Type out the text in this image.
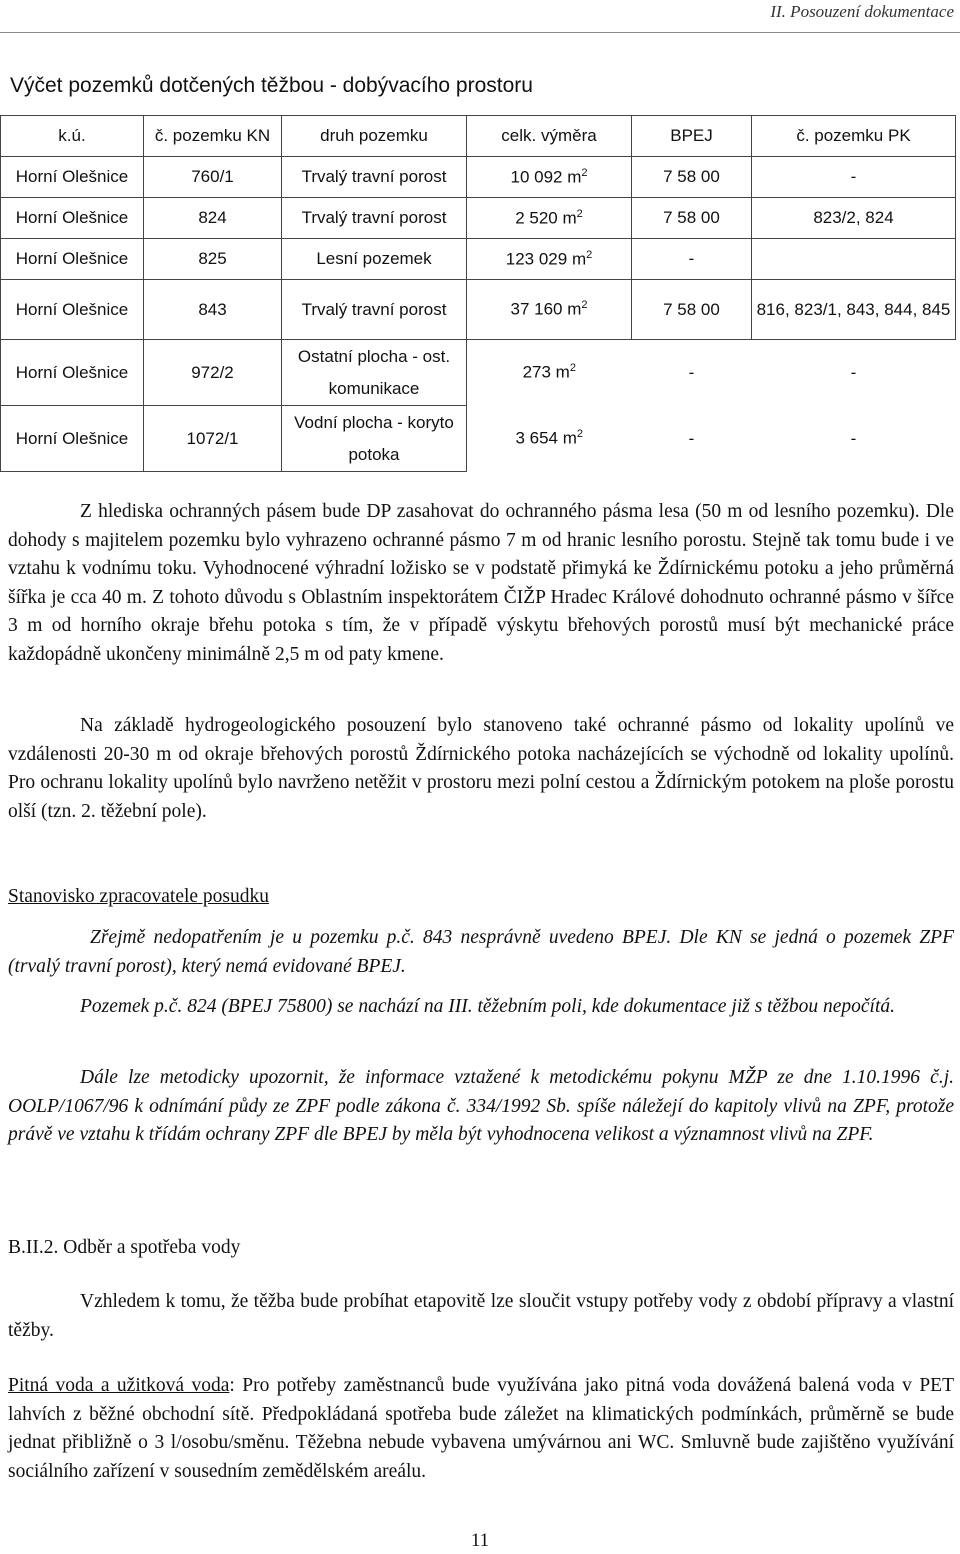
II. Posouzení dokumentace
Výčet pozemků dotčených těžbou - dobývacího prostoru
k.ú.	č. pozemku KN	druh pozemku	celk. výměra	BPEJ	č. pozemku PK
Horní Olešnice	760/1	Trvalý travní porost	10 092 $m^2$	7 58 00	-
Horní Olešnice	824	Trvalý travní porost	2 520 $m^2$	7 58 00	823/2, 824
Horní Olešnice	825	Lesní pozemek	123 029 $m^2$	-	
Horní Olešnice	843	Trvalý travní porost	37 160 $m^2$	7 58 00	816, 823/1, 843, 844, 845
Horní Olešnice	972/2	Ostatní plocha - ost. komunikace	273 $m^2$	-	-
Horní Olešnice	1072/1	Vodní plocha - koryto potoka	3 654 $m^2$	-	-

Z hlediska ochranných pásem bude DP zasahovat do ochranného pásma lesa (50 m od lesního pozemku). Dle dohody s majitelem pozemku bylo vyhrazeno ochranné pásmo 7 m od hranic lesního porostu. Stejně tak tomu bude i ve vztahu k vodnímu toku. Vyhodnocené výhradní ložisko se v podstatě přimyká ke Ždírnickému potoku a jeho průměrná šířka je cca 40 m. Z tohoto důvodu s Oblastním inspektorátem ČIŽP Hradec Králové dohodnuto ochranné pásmo v šířce 3 m od horního okraje břehu potoka s tím, že v případě výskytu břehových porostů musí být mechanické práce každopádně ukončeny minimálně 2,5 m od paty kmene.

Na základě hydrogeologického posouzení bylo stanoveno také ochranné pásmo od lokality upolínů ve vzdálenosti 20-30 m od okraje břehových porostů Ždírnického potoka nacházejících se východně od lokality upolínů. Pro ochranu lokality upolínů bylo navrženo netěžit v prostoru mezi polní cestou a Ždírnickým potokem na ploše porostu olší (tzn. 2. těžební pole).

Stanovisko zpracovatele posudku

Zřejmě nedopatřením je u pozemku p.č. 843 nesprávně uvedeno BPEJ. Dle KN se jedná o pozemek ZPF (trvalý travní porost), který nemá evidované BPEJ.

Pozemek p.č. 824 (BPEJ 75800) se nachází na III. těžebním poli, kde dokumentace již s těžbou nepočítá.

Dále lze metodicky upozornit, že informace vztažené k metodickému pokynu MŽP ze dne 1.10.1996 č.j. OOLP/1067/96 k odnímání půdy ze ZPF podle zákona č. 334/1992 Sb. spíše náležejí do kapitoly vlivů na ZPF, protože právě ve vztahu k třídám ochrany ZPF dle BPEJ by měla být vyhodnocena velikost a významnost vlivů na ZPF.

B.II.2. Odběr a spotřeba vody

Vzhledem k tomu, že těžba bude probíhat etapovitě lze sloučit vstupy potřeby vody z období přípravy a vlastní těžby.

Pitná voda a užitková voda: Pro potřeby zaměstnanců bude využívána jako pitná voda dovážená balená voda v PET lahvích z běžné obchodní sítě. Předpokládaná spotřeba bude záležet na klimatických podmínkách, průměrně se bude jednat přibližně o 3 l/osobu/směnu. Těžebna nebude vybavena umývárnou ani WC. Smluvně bude zajištěno využívání sociálního zařízení v sousedním zemědělském areálu.

11
